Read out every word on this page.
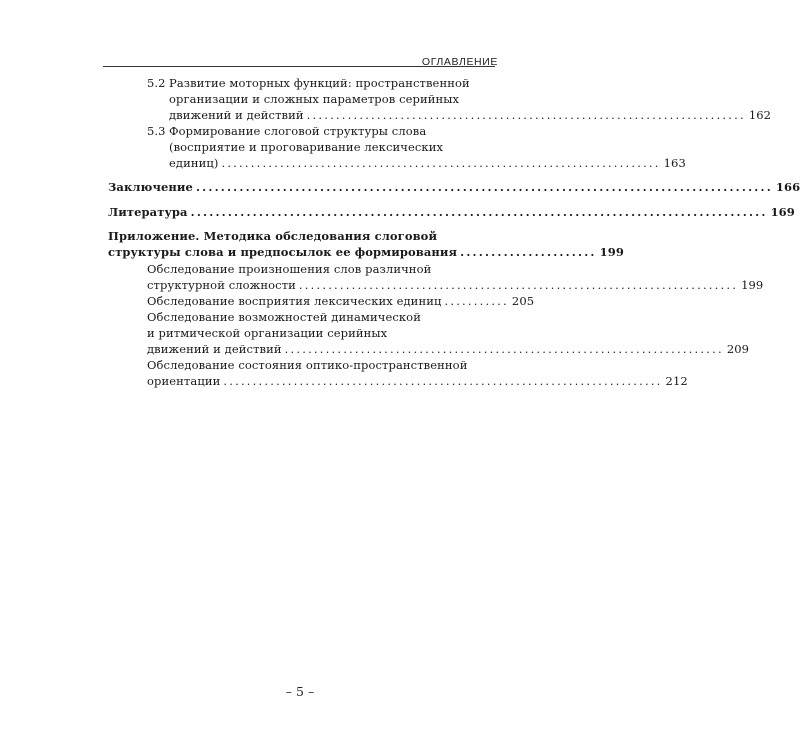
ОГЛАВЛЕНИЕ
5.2 Развитие моторных функций: пространственной
организации и сложных параметров серийных
движений и действий ........................................................................... 162
5.3 Формирование слоговой структуры слова
(восприятие и проговаривание лексических
единиц) ........................................................................... 163
Заключение ............................................................................................. 166
Литература ............................................................................................. 169
Приложение. Методика обследования слоговой
структуры слова и предпосылок ее формирования ...................... 199
Обследование произношения слов различной
структурной сложности ........................................................................... 199
Обследование восприятия лексических единиц ........... 205
Обследование возможностей динамической
и ритмической организации серийных
движений и действий ........................................................................... 209
Обследование состояния оптико-пространственной
ориентации ........................................................................... 212
– 5 –
